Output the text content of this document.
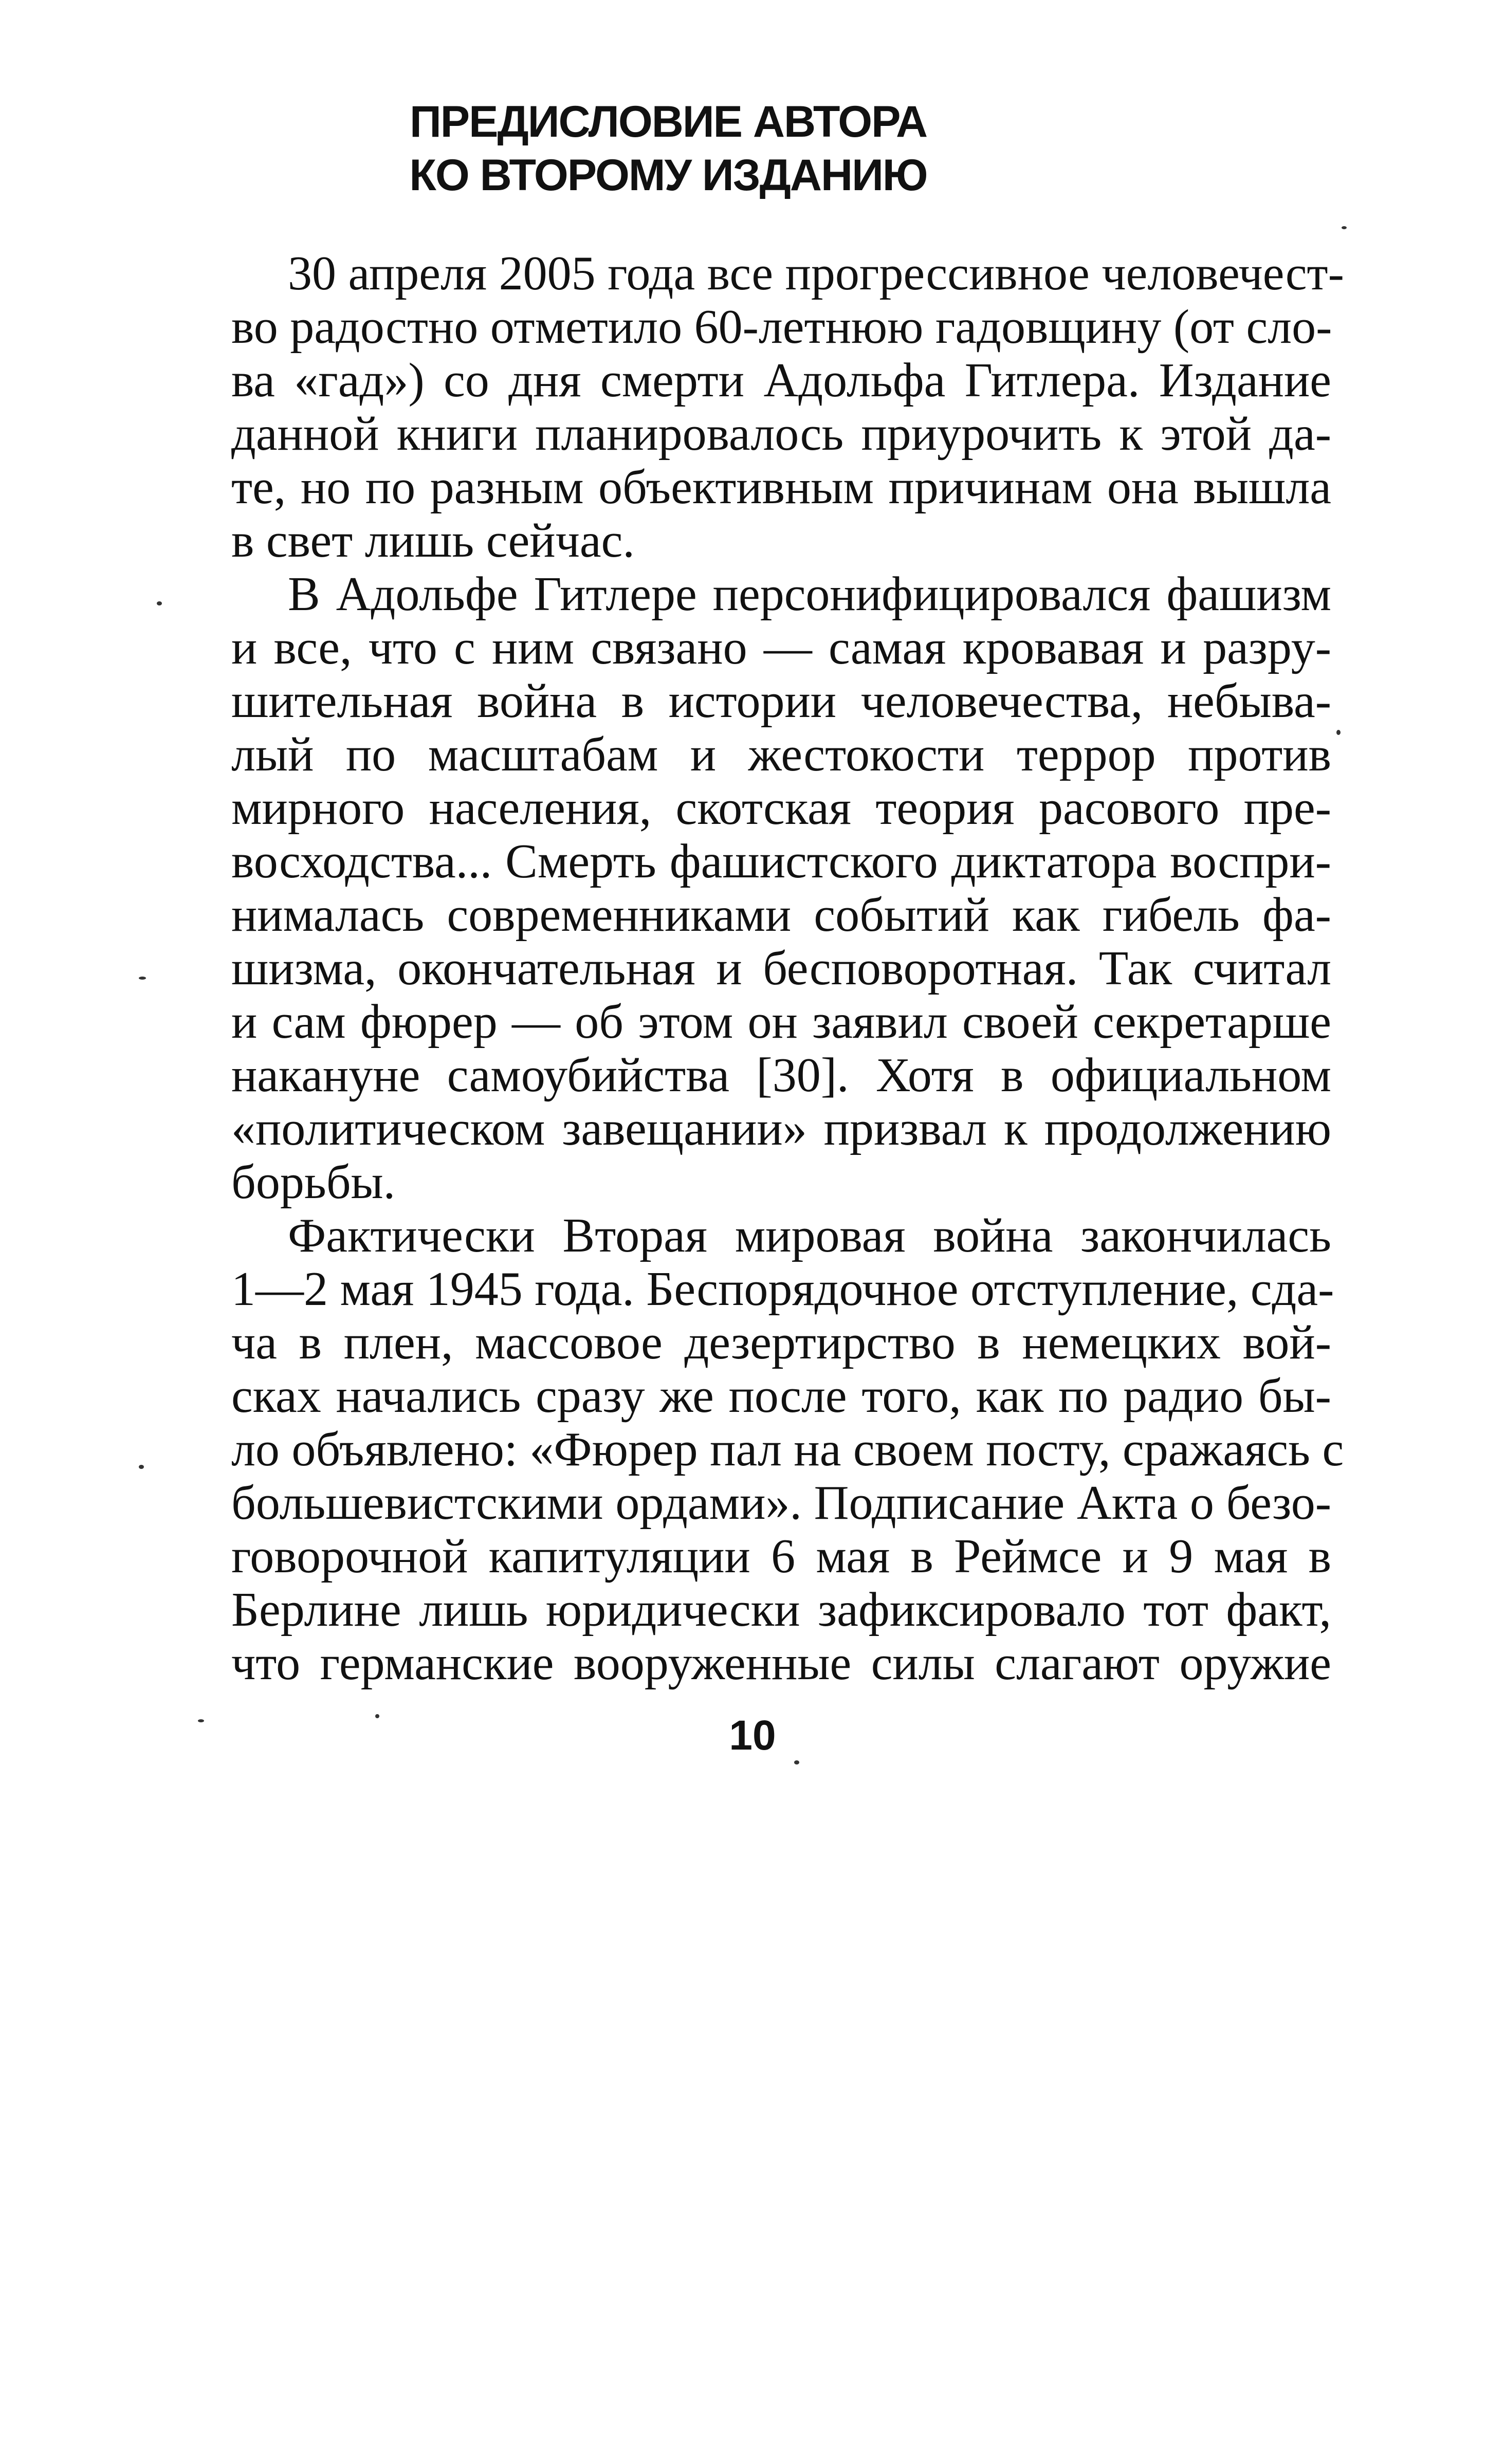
ПРЕДИСЛОВИЕ АВТОРА
КО ВТОРОМУ ИЗДАНИЮ
30 апреля 2005 года все прогрессивное человечест-
во радостно отметило 60-летнюю гадовщину (от сло-
ва «гад») со дня смерти Адольфа Гитлера. Издание
данной книги планировалось приурочить к этой да-
те, но по разным объективным причинам она вышла
в свет лишь сейчас.
В Адольфе Гитлере персонифицировался фашизм
и все, что с ним связано — самая кровавая и разру-
шительная война в истории человечества, небыва-
лый по масштабам и жестокости террор против
мирного населения, скотская теория расового пре-
восходства... Смерть фашистского диктатора воспри-
нималась современниками событий как гибель фа-
шизма, окончательная и бесповоротная. Так считал
и сам фюрер — об этом он заявил своей секретарше
накануне самоубийства [30]. Хотя в официальном
«политическом завещании» призвал к продолжению
борьбы.
Фактически Вторая мировая война закончилась
1—2 мая 1945 года. Беспорядочное отступление, сда-
ча в плен, массовое дезертирство в немецких вой-
сках начались сразу же после того, как по радио бы-
ло объявлено: «Фюрер пал на своем посту, сражаясь с
большевистскими ордами». Подписание Акта о безо-
говорочной капитуляции 6 мая в Реймсе и 9 мая в
Берлине лишь юридически зафиксировало тот факт,
что германские вооруженные силы слагают оружие
10
